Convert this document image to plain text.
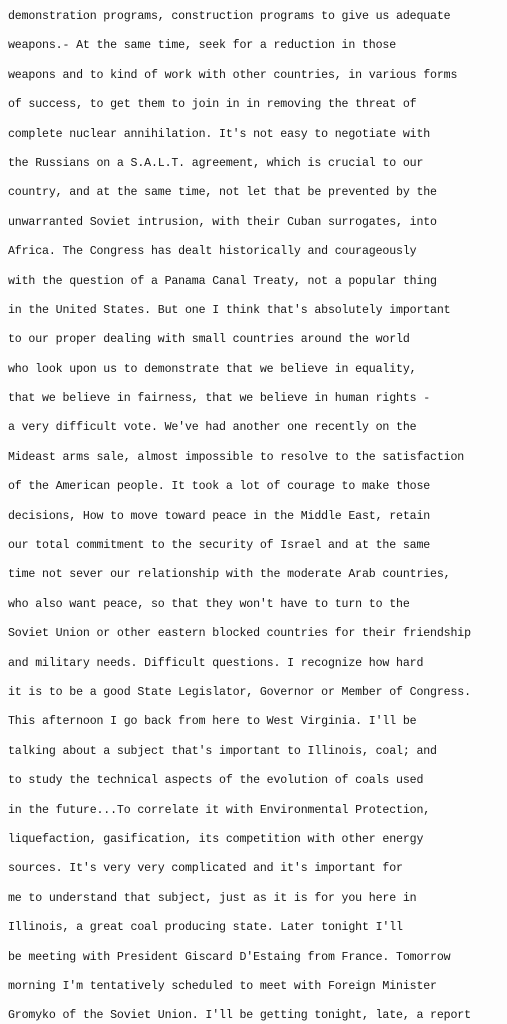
demonstration programs, construction programs to give us adequate
weapons.- At the same time, seek for a reduction in those
weapons and to kind of work with other countries, in various forms
of success, to get them to join in in removing the threat of
complete nuclear annihilation. It's not easy to negotiate with
the Russians on a S.A.L.T. agreement, which is crucial to our
country, and at the same time, not let that be prevented by the
unwarranted Soviet intrusion, with their Cuban surrogates, into
Africa. The Congress has dealt historically and courageously
with the question of a Panama Canal Treaty, not a popular thing
in the United States. But one I think that's absolutely important
to our proper dealing with small countries around the world
who look upon us to demonstrate that we believe in equality,
that we believe in fairness, that we believe in human rights -
a very difficult vote. We've had another one recently on the
Mideast arms sale, almost impossible to resolve to the satisfaction
of the American people. It took a lot of courage to make those
decisions, How to move toward peace in the Middle East, retain
our total commitment to the security of Israel and at the same
time not sever our relationship with the moderate Arab countries,
who also want peace, so that they won't have to turn to the
Soviet Union or other eastern blocked countries for their friendship
and military needs. Difficult questions. I recognize how hard
it is to be a good State Legislator, Governor or Member of Congress.
This afternoon I go back from here to West Virginia. I'll be
talking about a subject that's important to Illinois, coal; and
to study the technical aspects of the evolution of coals used
in the future...To correlate it with Environmental Protection,
liquefaction, gasification, its competition with other energy
sources. It's very very complicated and it's important for
me to understand that subject, just as it is for you here in
Illinois, a great coal producing state. Later tonight I'll
be meeting with President Giscard D'Estaing from France. Tomorrow
morning I'm tentatively scheduled to meet with Foreign Minister
Gromyko of the Soviet Union. I'll be getting tonight, late, a report
